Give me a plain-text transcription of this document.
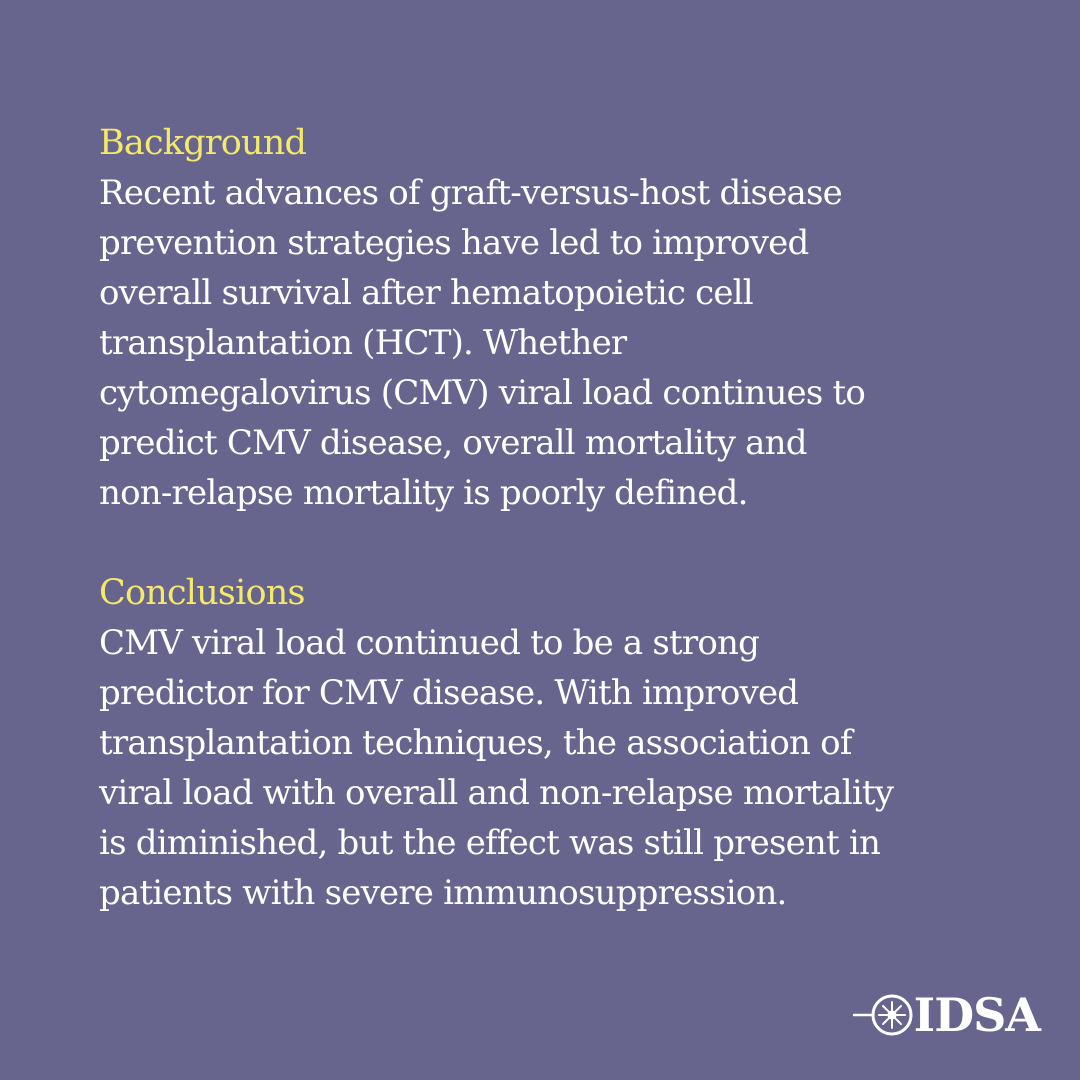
Background
Recent advances of graft-versus-host disease
prevention strategies have led to improved
overall survival after hematopoietic cell
transplantation (HCT). Whether
cytomegalovirus (CMV) viral load continues to
predict CMV disease, overall mortality and
non-relapse mortality is poorly defined.
Conclusions
CMV viral load continued to be a strong
predictor for CMV disease. With improved
transplantation techniques, the association of
viral load with overall and non-relapse mortality
is diminished, but the effect was still present in
patients with severe immunosuppression.
IDSA
